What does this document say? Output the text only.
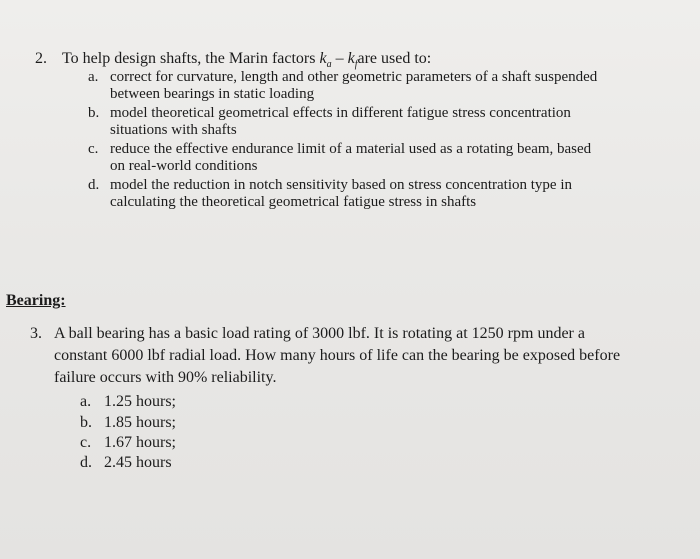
2. To help design shafts, the Marin factors $k_a - k_fare$ used to:
a. correct for curvature, length and other geometric parameters of a shaft suspended
between bearings in static loading
b. model theoretical geometrical effects in different fatigue stress concentration
situations with shafts
c. reduce the effective endurance limit of a material used as a rotating beam, based
on real-world conditions
d. model the reduction in notch sensitivity based on stress concentration type in
calculating the theoretical geometrical fatigue stress in shafts
Bearing:
3. A ball bearing has a basic load rating of 3000 lbf. It is rotating at 1250 rpm under a
constant 6000 lbf radial load. How many hours of life can the bearing be exposed before
failure occurs with 90% reliability.
a. 1.25 hours;
b. 1.85 hours;
c. 1.67 hours;
d. 2.45 hours
